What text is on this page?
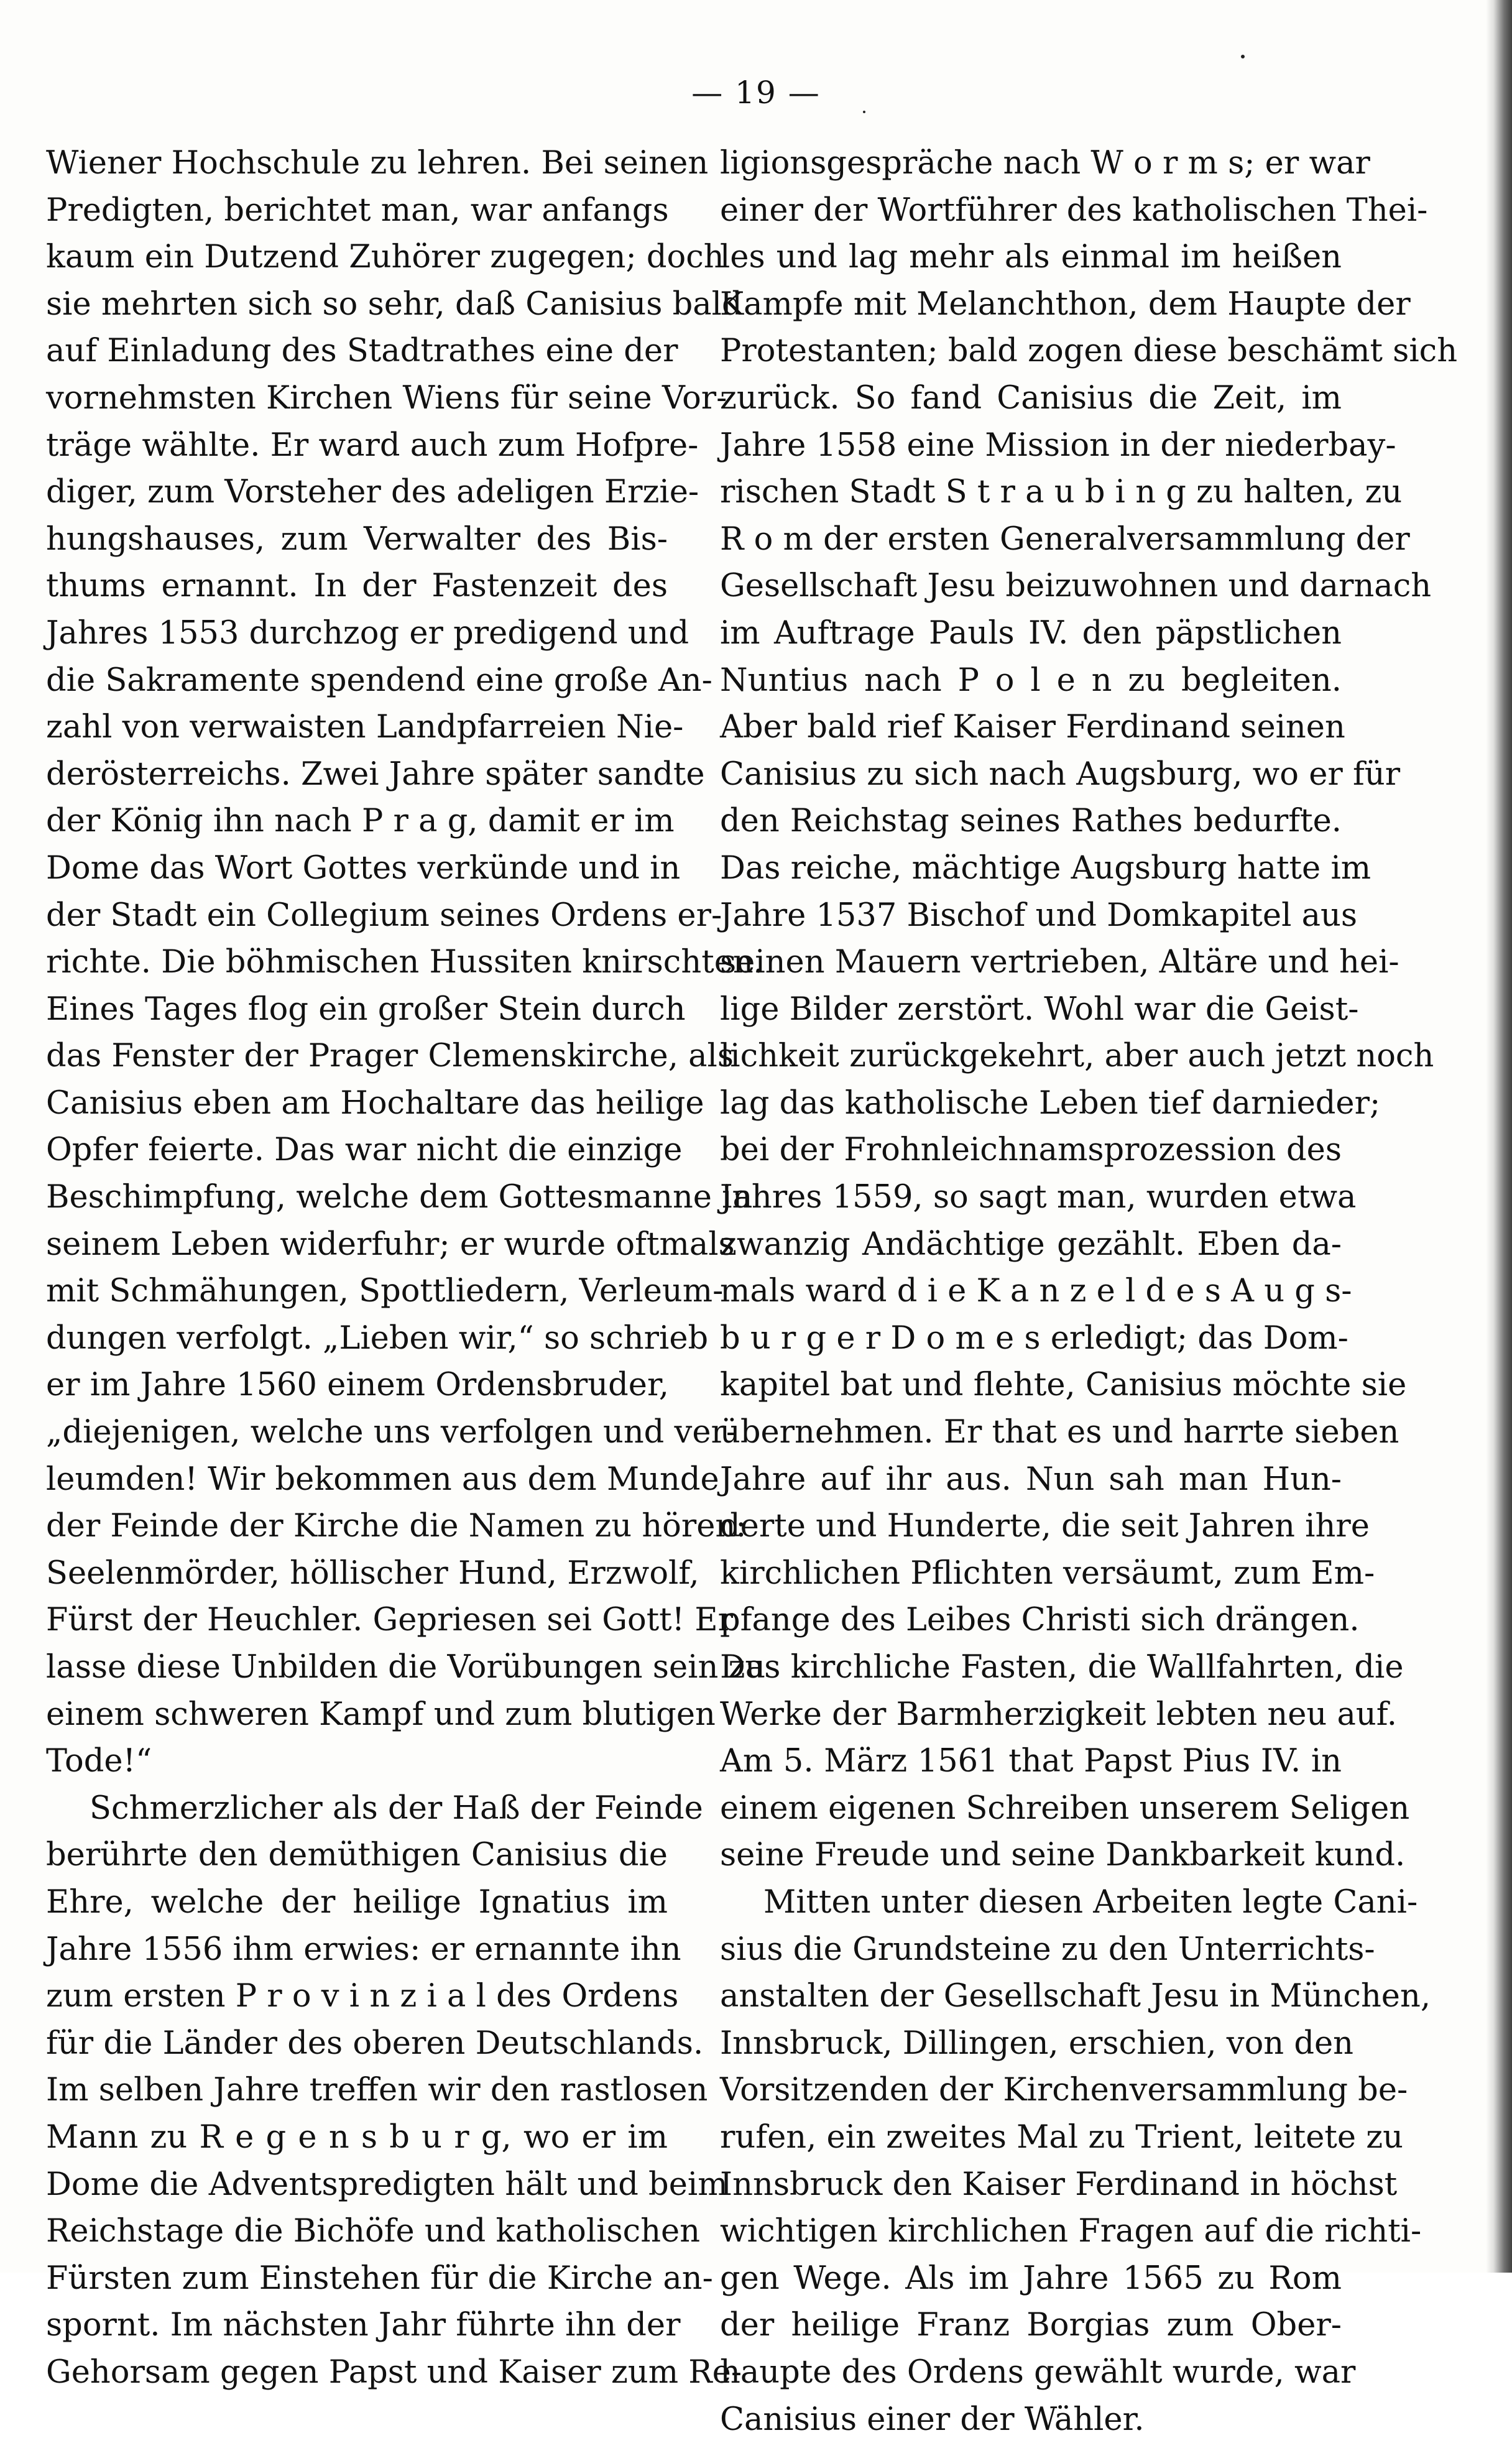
— 19 —
Wiener Hochschule zu lehren. Bei seinen
Predigten, berichtet man, war anfangs
kaum ein Dutzend Zuhörer zugegen; doch
sie mehrten sich so sehr, daß Canisius bald
auf Einladung des Stadtrathes eine der
vornehmsten Kirchen Wiens für seine Vor-
träge wählte. Er ward auch zum Hofpre-
diger, zum Vorsteher des adeligen Erzie-
hungshauses, zum Verwalter des Bis-
thums ernannt. In der Fastenzeit des
Jahres 1553 durchzog er predigend und
die Sakramente spendend eine große An-
zahl von verwaisten Landpfarreien Nie-
derösterreichs. Zwei Jahre später sandte
der König ihn nach P r a g, damit er im
Dome das Wort Gottes verkünde und in
der Stadt ein Collegium seines Ordens er-
richte. Die böhmischen Hussiten knirschten.
Eines Tages flog ein großer Stein durch
das Fenster der Prager Clemenskirche, als
Canisius eben am Hochaltare das heilige
Opfer feierte. Das war nicht die einzige
Beschimpfung, welche dem Gottesmanne in
seinem Leben widerfuhr; er wurde oftmals
mit Schmähungen, Spottliedern, Verleum-
dungen verfolgt. „Lieben wir,“ so schrieb
er im Jahre 1560 einem Ordensbruder,
„diejenigen, welche uns verfolgen und ver-
leumden! Wir bekommen aus dem Munde
der Feinde der Kirche die Namen zu hören:
Seelenmörder, höllischer Hund, Erzwolf,
Fürst der Heuchler. Gepriesen sei Gott! Er
lasse diese Unbilden die Vorübungen sein zu
einem schweren Kampf und zum blutigen
Tode!“
Schmerzlicher als der Haß der Feinde
berührte den demüthigen Canisius die
Ehre, welche der heilige Ignatius im
Jahre 1556 ihm erwies: er ernannte ihn
zum ersten P r o v i n z i a l des Ordens
für die Länder des oberen Deutschlands.
Im selben Jahre treffen wir den rastlosen
Mann zu R e g e n s b u r g, wo er im
Dome die Adventspredigten hält und beim
Reichstage die Bichöfe und katholischen
Fürsten zum Einstehen für die Kirche an-
spornt. Im nächsten Jahr führte ihn der
Gehorsam gegen Papst und Kaiser zum Re-
ligionsgespräche nach W o r m s; er war
einer der Wortführer des katholischen Thei-
les und lag mehr als einmal im heißen
Kampfe mit Melanchthon, dem Haupte der
Protestanten; bald zogen diese beschämt sich
zurück. So fand Canisius die Zeit, im
Jahre 1558 eine Mission in der niederbay-
rischen Stadt S t r a u b i n g zu halten, zu
R o m der ersten Generalversammlung der
Gesellschaft Jesu beizuwohnen und darnach
im Auftrage Pauls IV. den päpstlichen
Nuntius nach P o l e n zu begleiten.
Aber bald rief Kaiser Ferdinand seinen
Canisius zu sich nach Augsburg, wo er für
den Reichstag seines Rathes bedurfte.
Das reiche, mächtige Augsburg hatte im
Jahre 1537 Bischof und Domkapitel aus
seinen Mauern vertrieben, Altäre und hei-
lige Bilder zerstört. Wohl war die Geist-
lichkeit zurückgekehrt, aber auch jetzt noch
lag das katholische Leben tief darnieder;
bei der Frohnleichnamsprozession des
Jahres 1559, so sagt man, wurden etwa
zwanzig Andächtige gezählt. Eben da-
mals ward d i e K a n z e l d e s A u g s-
b u r g e r D o m e s erledigt; das Dom-
kapitel bat und flehte, Canisius möchte sie
übernehmen. Er that es und harrte sieben
Jahre auf ihr aus. Nun sah man Hun-
derte und Hunderte, die seit Jahren ihre
kirchlichen Pflichten versäumt, zum Em-
pfange des Leibes Christi sich drängen.
Das kirchliche Fasten, die Wallfahrten, die
Werke der Barmherzigkeit lebten neu auf.
Am 5. März 1561 that Papst Pius IV. in
einem eigenen Schreiben unserem Seligen
seine Freude und seine Dankbarkeit kund.
Mitten unter diesen Arbeiten legte Cani-
sius die Grundsteine zu den Unterrichts-
anstalten der Gesellschaft Jesu in München,
Innsbruck, Dillingen, erschien, von den
Vorsitzenden der Kirchenversammlung be-
rufen, ein zweites Mal zu Trient, leitete zu
Innsbruck den Kaiser Ferdinand in höchst
wichtigen kirchlichen Fragen auf die richti-
gen Wege. Als im Jahre 1565 zu Rom
der heilige Franz Borgias zum Ober-
haupte des Ordens gewählt wurde, war
Canisius einer der Wähler.
